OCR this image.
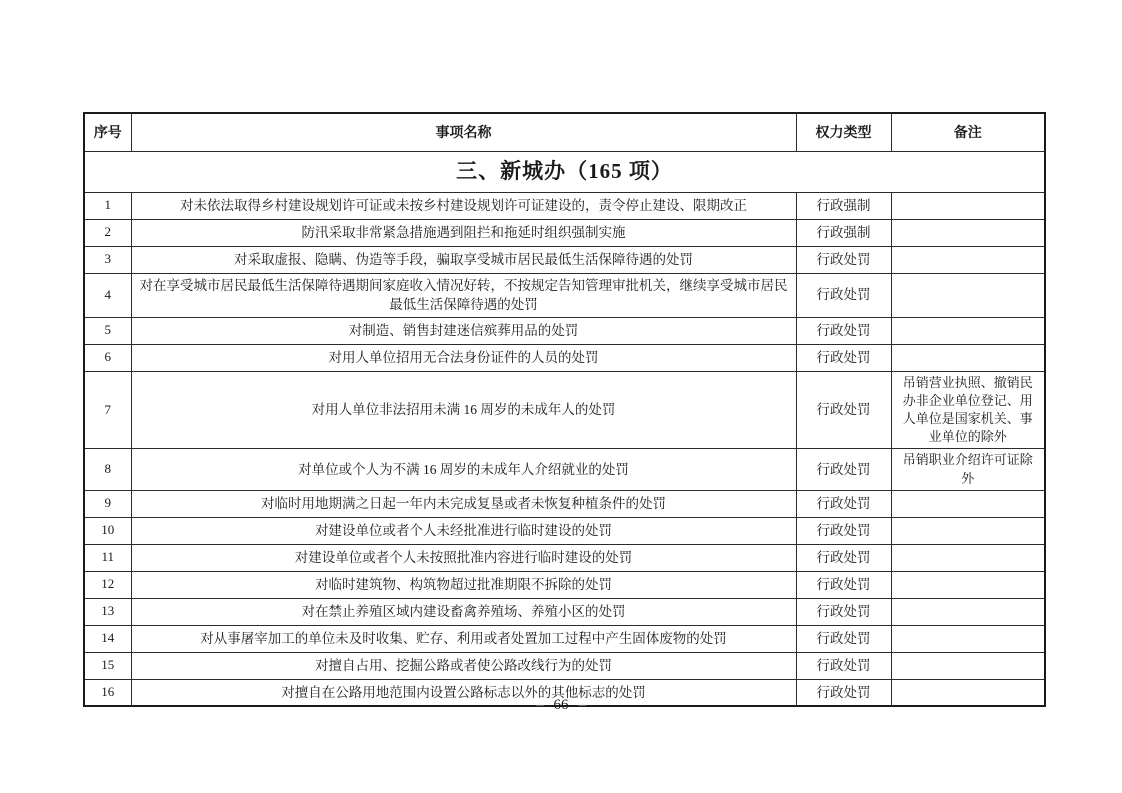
序号	事项名称	权力类型	备注
三、新城办（165 项）			
1	对未依法取得乡村建设规划许可证或未按乡村建设规划许可证建设的，责令停止建设、限期改正	行政强制	
2	防汛采取非常紧急措施遇到阻拦和拖延时组织强制实施	行政强制	
3	对采取虚报、隐瞒、伪造等手段，骗取享受城市居民最低生活保障待遇的处罚	行政处罚	
4	对在享受城市居民最低生活保障待遇期间家庭收入情况好转，不按规定告知管理审批机关，继续享受城市居民最低生活保障待遇的处罚	行政处罚	
5	对制造、销售封建迷信殡葬用品的处罚	行政处罚	
6	对用人单位招用无合法身份证件的人员的处罚	行政处罚	
7	对用人单位非法招用未满 16 周岁的未成年人的处罚	行政处罚	吊销营业执照、撤销民办非企业单位登记、用人单位是国家机关、事业单位的除外
8	对单位或个人为不满 16 周岁的未成年人介绍就业的处罚	行政处罚	吊销职业介绍许可证除外
9	对临时用地期满之日起一年内未完成复垦或者未恢复种植条件的处罚	行政处罚	
10	对建设单位或者个人未经批准进行临时建设的处罚	行政处罚	
11	对建设单位或者个人未按照批准内容进行临时建设的处罚	行政处罚	
12	对临时建筑物、构筑物超过批准期限不拆除的处罚	行政处罚	
13	对在禁止养殖区域内建设畜禽养殖场、养殖小区的处罚	行政处罚	
14	对从事屠宰加工的单位未及时收集、贮存、利用或者处置加工过程中产生固体废物的处罚	行政处罚	
15	对擅自占用、挖掘公路或者使公路改线行为的处罚	行政处罚	
16	对擅自在公路用地范围内设置公路标志以外的其他标志的处罚	行政处罚	
– 66 –
